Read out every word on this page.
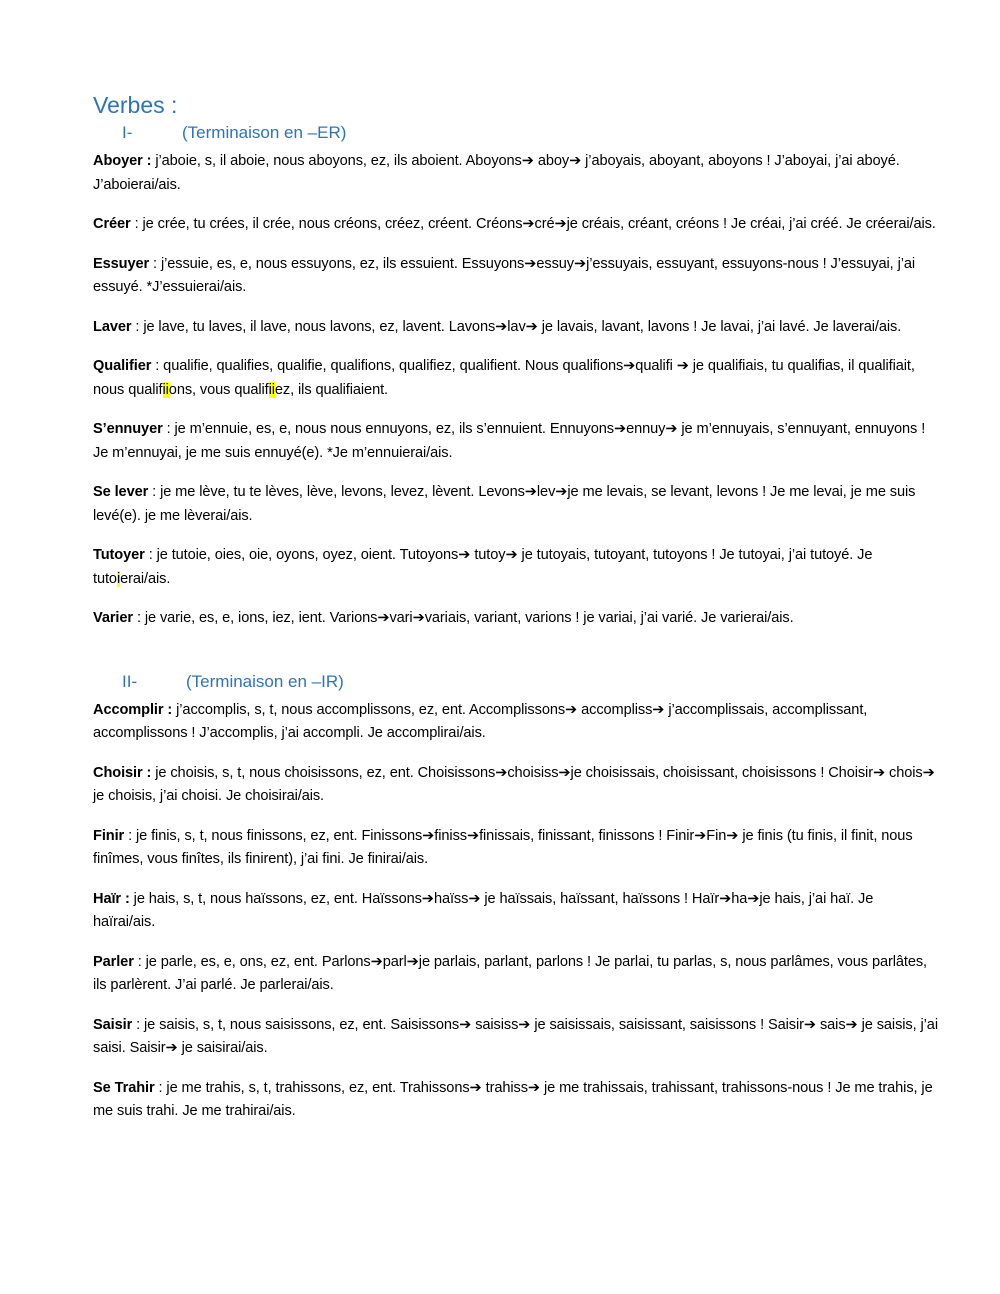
Verbes :
I-	(Terminaison en –ER)

Aboyer : j’aboie, s, il aboie, nous aboyons, ez, ils aboient. Aboyons➔ aboy➔ j’aboyais, aboyant, aboyons ! J’aboyai, j’ai aboyé. J’aboierai/ais.

Créer : je crée, tu crées, il crée, nous créons, créez, créent. Créons➔cré➔je créais, créant, créons ! Je créai, j’ai créé. Je créerai/ais.

Essuyer : j’essuie, es, e, nous essuyons, ez, ils essuient. Essuyons➔essuy➔j’essuyais, essuyant, essuyons-nous ! J’essuyai, j’ai essuyé. *J’essuierai/ais.

Laver : je lave, tu laves, il lave, nous lavons, ez, lavent. Lavons➔lav➔ je lavais, lavant, lavons ! Je lavai, j’ai lavé. Je laverai/ais.

Qualifier : qualifie, qualifies, qualifie, qualifions, qualifiez, qualifient. Nous qualifions➔qualifi ➔ je qualifiais, tu qualifias, il qualifiait, nous qualifiions, vous qualifiiez, ils qualifiaient.

S’ennuyer : je m’ennuie, es, e, nous nous ennuyons, ez, ils s’ennuient. Ennuyons➔ennuy➔ je m’ennuyais, s’ennuyant, ennuyons ! Je m’ennuyai, je me suis ennuyé(e). *Je m’ennuierai/ais.

Se lever : je me lève, tu te lèves, lève, levons, levez, lèvent. Levons➔lev➔je me levais, se levant, levons ! Je me levai, je me suis levé(e). je me lèverai/ais.

Tutoyer : je tutoie, oies, oie, oyons, oyez, oient. Tutoyons➔ tutoy➔ je tutoyais, tutoyant, tutoyons ! Je tutoyai, j’ai tutoyé. Je tutoierai/ais.

Varier : je varie, es, e, ions, iez, ient. Varions➔vari➔variais, variant, varions ! je variai, j’ai varié. Je varierai/ais.

II-	(Terminaison en –IR)

Accomplir : j’accomplis, s, t, nous accomplissons, ez, ent. Accomplissons➔ accompliss➔ j’accomplissais, accomplissant, accomplissons ! J’accomplis, j’ai accompli. Je accomplirai/ais.

Choisir : je choisis, s, t, nous choisissons, ez, ent. Choisissons➔choisiss➔je choisissais, choisissant, choisissons ! Choisir➔ chois➔ je choisis, j’ai choisi. Je choisirai/ais.

Finir : je finis, s, t, nous finissons, ez, ent. Finissons➔finiss➔finissais, finissant, finissons ! Finir➔Fin➔ je finis (tu finis, il finit, nous finîmes, vous finîtes, ils finirent), j’ai fini. Je finirai/ais.

Haïr : je hais, s, t, nous haïssons, ez, ent. Haïssons➔haïss➔ je haïssais, haïssant, haïssons ! Haïr➔ha➔je hais, j’ai haï. Je haïrai/ais.

Parler : je parle, es, e, ons, ez, ent. Parlons➔parl➔je parlais, parlant, parlons ! Je parlai, tu parlas, s, nous parlâmes, vous parlâtes, ils parlèrent. J’ai parlé. Je parlerai/ais.

Saisir : je saisis, s, t, nous saisissons, ez, ent. Saisissons➔ saisiss➔ je saisissais, saisissant, saisissons ! Saisir➔ sais➔ je saisis, j’ai saisi. Saisir➔ je saisirai/ais.

Se Trahir : je me trahis, s, t, trahissons, ez, ent. Trahissons➔ trahiss➔ je me trahissais, trahissant, trahissons-nous ! Je me trahis, je me suis trahi. Je me trahirai/ais.
